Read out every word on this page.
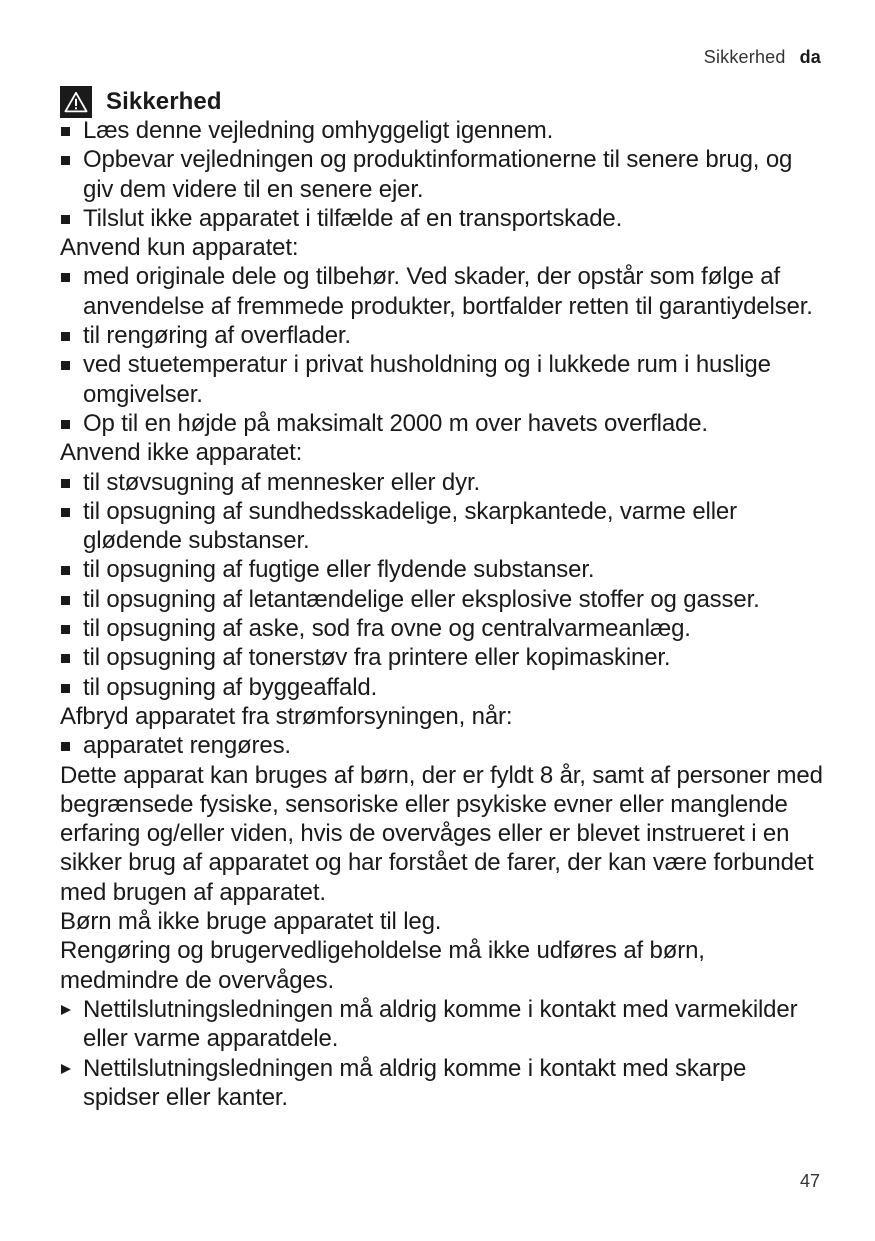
Sikkerhed da
Sikkerhed
Læs denne vejledning omhyggeligt igennem.
Opbevar vejledningen og produktinformationerne til senere brug, og giv dem videre til en senere ejer.
Tilslut ikke apparatet i tilfælde af en transportskade.

Anvend kun apparatet:

med originale dele og tilbehør. Ved skader, der opstår som følge af anvendelse af fremmede produkter, bortfalder retten til garantiydelser.
til rengøring af overflader.
ved stuetemperatur i privat husholdning og i lukkede rum i huslige omgivelser.
Op til en højde på maksimalt 2000 m over havets overflade.

Anvend ikke apparatet:

til støvsugning af mennesker eller dyr.
til opsugning af sundhedsskadelige, skarpkantede, varme eller glødende substanser.
til opsugning af fugtige eller flydende substanser.
til opsugning af letantændelige eller eksplosive stoffer og gasser.
til opsugning af aske, sod fra ovne og centralvarmeanlæg.
til opsugning af tonerstøv fra printere eller kopimaskiner.
til opsugning af byggeaffald.

Afbryd apparatet fra strømforsyningen, når:

apparatet rengøres.

Dette apparat kan bruges af børn, der er fyldt 8 år, samt af personer med begrænsede fysiske, sensoriske eller psykiske evner eller manglende erfaring og/eller viden, hvis de overvåges eller er blevet instrueret i en sikker brug af apparatet og har forstået de farer, der kan være forbundet med brugen af apparatet.

Børn må ikke bruge apparatet til leg.

Rengøring og brugervedligeholdelse må ikke udføres af børn, medmindre de overvåges.

Nettilslutningsledningen må aldrig komme i kontakt med varmekilder eller varme apparatdele.
Nettilslutningsledningen må aldrig komme i kontakt med skarpe spidser eller kanter.
47
